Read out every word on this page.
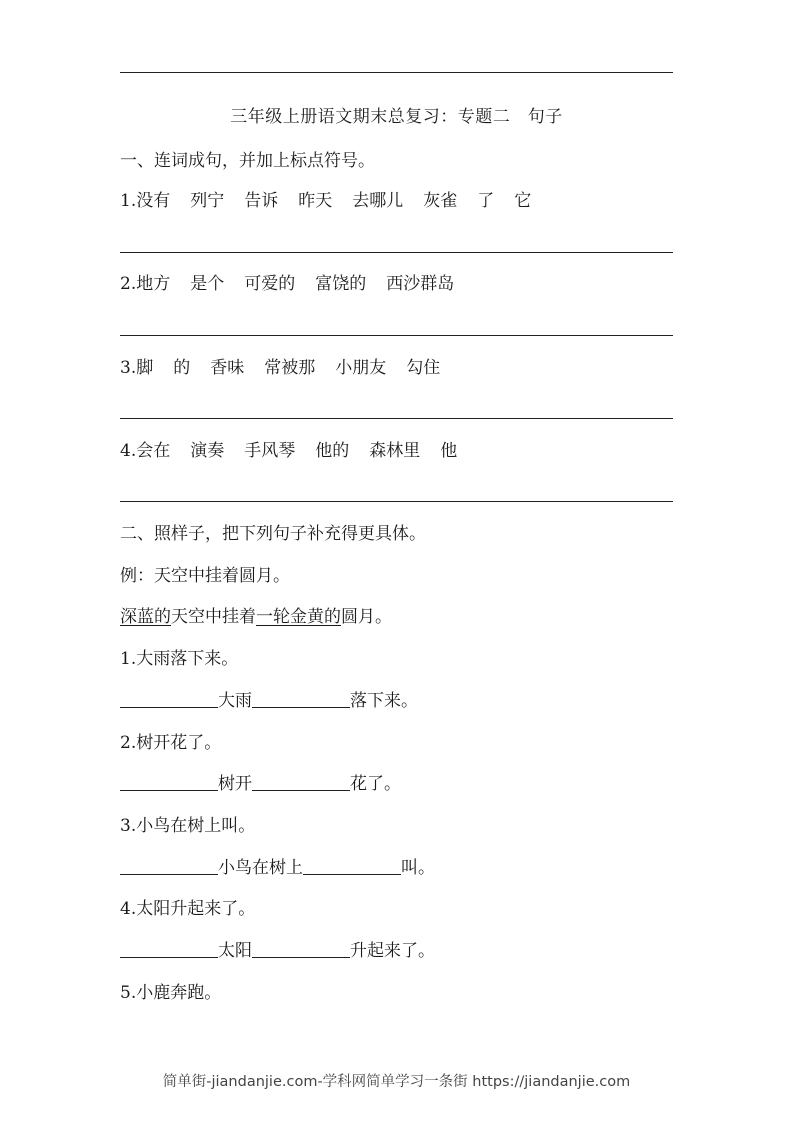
三年级上册语文期末总复习：专题二　句子
一、连词成句，并加上标点符号。
1.没有 列宁 告诉 昨天 去哪儿 灰雀 了 它
2.地方 是个 可爱的 富饶的 西沙群岛
3.脚 的 香味 常被那 小朋友 勾住
4.会在 演奏 手风琴 他的 森林里 他
二、照样子，把下列句子补充得更具体。
例：天空中挂着圆月。
深蓝的天空中挂着一轮金黄的圆月。
1.大雨落下来。
大雨	落下来。
2.树开花了。
树开	花了。
3.小鸟在树上叫。
小鸟在树上	叫。
4.太阳升起来了。
太阳	升起来了。
5.小鹿奔跑。
简单街-jiandanjie.com-学科网简单学习一条街 https://jiandanjie.com
